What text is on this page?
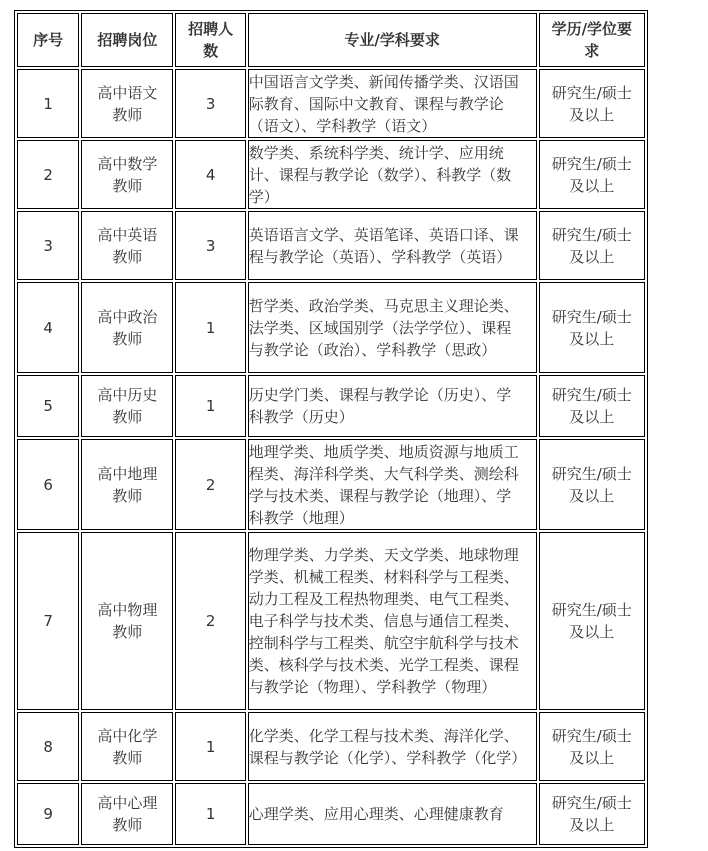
序号	招聘岗位	招聘人数	专业/学科要求	学历/学位要求
1	高中语文教师	3	中国语言文学类、新闻传播学类、汉语国际教育、国际中文教育、课程与教学论（语文）、学科教学（语文）	研究生/硕士及以上
2	高中数学教师	4	数学类、系统科学类、统计学、应用统计、课程与教学论（数学）、科教学（数学）	研究生/硕士及以上
3	高中英语教师	3	英语语言文学、英语笔译、英语口译、课程与教学论（英语）、学科教学（英语）	研究生/硕士及以上
4	高中政治教师	1	哲学类、政治学类、马克思主义理论类、法学类、区域国别学（法学学位）、课程与教学论（政治）、学科教学（思政）	研究生/硕士及以上
5	高中历史教师	1	历史学门类、课程与教学论（历史）、学科教学（历史）	研究生/硕士及以上
6	高中地理教师	2	地理学类、地质学类、地质资源与地质工程类、海洋科学类、大气科学类、测绘科学与技术类、课程与教学论（地理）、学科教学（地理）	研究生/硕士及以上
7	高中物理教师	2	物理学类、力学类、天文学类、地球物理学类、机械工程类、材料科学与工程类、动力工程及工程热物理类、电气工程类、电子科学与技术类、信息与通信工程类、控制科学与工程类、航空宇航科学与技术类、核科学与技术类、光学工程类、课程与教学论（物理）、学科教学（物理）	研究生/硕士及以上
8	高中化学教师	1	化学类、化学工程与技术类、海洋化学、课程与教学论（化学）、学科教学（化学）	研究生/硕士及以上
9	高中心理教师	1	心理学类、应用心理类、心理健康教育	研究生/硕士及以上
